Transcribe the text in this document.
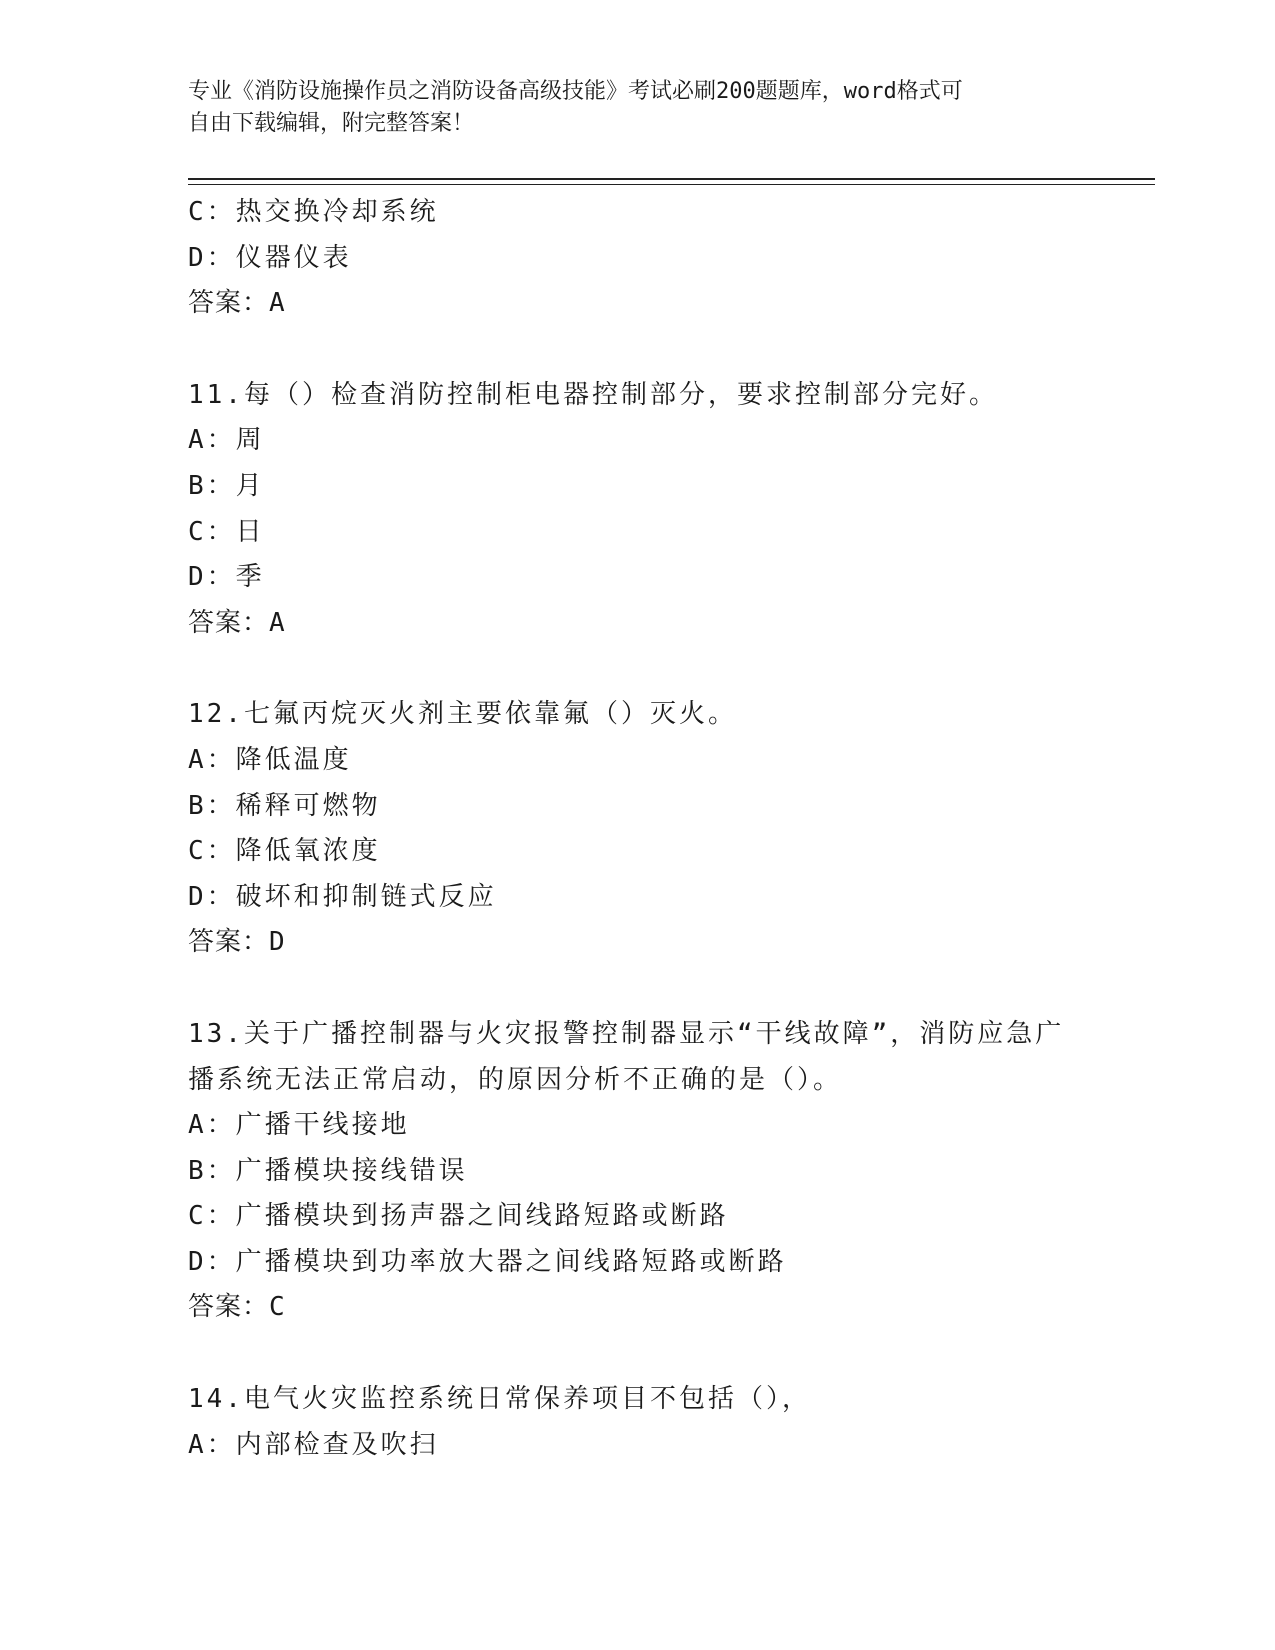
专业《消防设施操作员之消防设备高级技能》考试必刷200题题库，word格式可
自由下载编辑，附完整答案！
C：热交换冷却系统
D：仪器仪表
答案：A
11.每（）检查消防控制柜电器控制部分，要求控制部分完好。
A：周
B：月
C：日
D：季
答案：A
12.七氟丙烷灭火剂主要依靠氟（）灭火。
A：降低温度
B：稀释可燃物
C：降低氧浓度
D：破坏和抑制链式反应
答案：D
13.关于广播控制器与火灾报警控制器显示“干线故障”，消防应急广
播系统无法正常启动，的原因分析不正确的是（）。
A：广播干线接地
B：广播模块接线错误
C：广播模块到扬声器之间线路短路或断路
D：广播模块到功率放大器之间线路短路或断路
答案：C
14.电气火灾监控系统日常保养项目不包括（），
A：内部检查及吹扫
